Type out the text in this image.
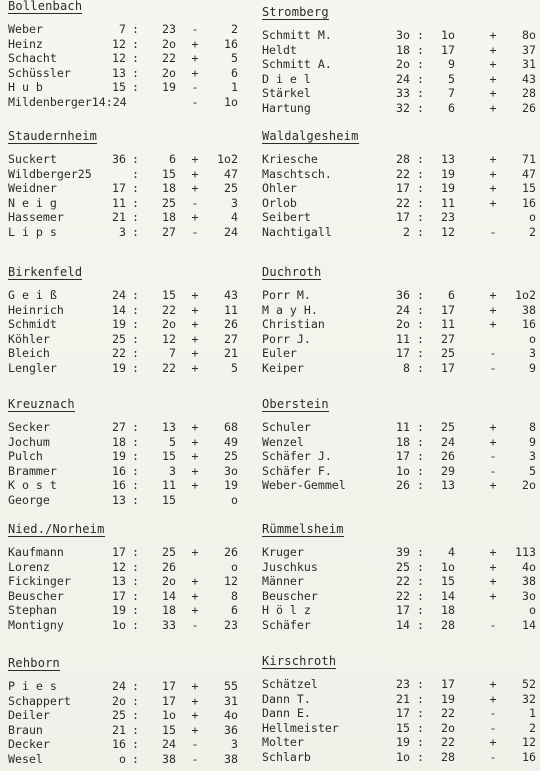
Bollenbach
Weber	7 :	23 -	2
Heinz	12 :	2o +	16
Schacht	12 :	22 +	5
Schüssler	13 :	2o +	6
H u b	15 :	19 -	1
Mildenberger14:24	-	1o
Staudernheim
Suckert	36 :	6 +	1o2
Wildberger25	:	15 +	47
Weidner	17 :	18 +	25
N e i g	11 :	25 -	3
Hassemer	21 :	18 +	4
L i p s	3 :	27 -	24
Birkenfeld
G e i ß	24 :	15 +	43
Heinrich	14 :	22 +	11
Schmidt	19 :	2o +	26
Köhler	25 :	12 +	27
Bleich	22 :	7 +	21
Lengler	19 :	22 +	5
Kreuznach
Secker	27 :	13 +	68
Jochum	18 :	5 +	49
Pulch	19 :	15 +	25
Brammer	16 :	3 +	3o
K o s t	16 :	11 +	19
George	13 :	15	o
Nied./Norheim
Kaufmann	17 :	25 +	26
Lorenz	12 :	26	o
Fickinger	13 :	2o +	12
Beuscher	17 :	14 +	8
Stephan	19 :	18 +	6
Montigny	1o :	33 -	23
Rehborn
P i e s	24 :	17 +	55
Schappert	2o :	17 +	31
Deiler	25 :	1o +	4o
Braun	21 :	15 +	36
Decker	16 :	24 -	3
Wesel	o :	38 -	38
Stromberg
Schmitt M.	3o :	1o	+	8o
Heldt	18 :	17	+	37
Schmitt A.	2o :	9	+	31
D i e l	24 :	5	+	43
Stärkel	33 :	7	+	28
Hartung	32 :	6	+	26
Waldalgesheim
Kriesche	28 :	13	+	71
Maschtsch.	22 :	19	+	47
Ohler	17 :	19	+	15
Orlob	22 :	11	+	16
Seibert	17 :	23	o
Nachtigall	2 :	12	-	2
Duchroth
Porr M.	36 :	6	+	1o2
M a y H.	24 :	17	+	38
Christian	2o :	11	+	16
Porr J.	11 :	27	o
Euler	17 :	25	-	3
Keiper	8 :	17	-	9
Oberstein
Schuler	11 :	25	+	8
Wenzel	18 :	24	+	9
Schäfer J.	17 :	26	-	3
Schäfer F.	1o :	29	-	5
Weber-Gemmel	26 :	13	+	2o
Rümmelsheim
Kruger	39 :	4	+	113
Juschkus	25 :	1o	+	4o
Männer	22 :	15	+	38
Beuscher	22 :	14	+	3o
H ö l z	17 :	18	o
Schäfer	14 :	28	-	14
Kirschroth
Schätzel	23 :	17	+	52
Dann T.	21 :	19	+	32
Dann E.	17 :	22	-	1
Hellmeister	15 :	2o	-	2
Molter	19 :	22	+	12
Schlarb	1o :	28	-	16
